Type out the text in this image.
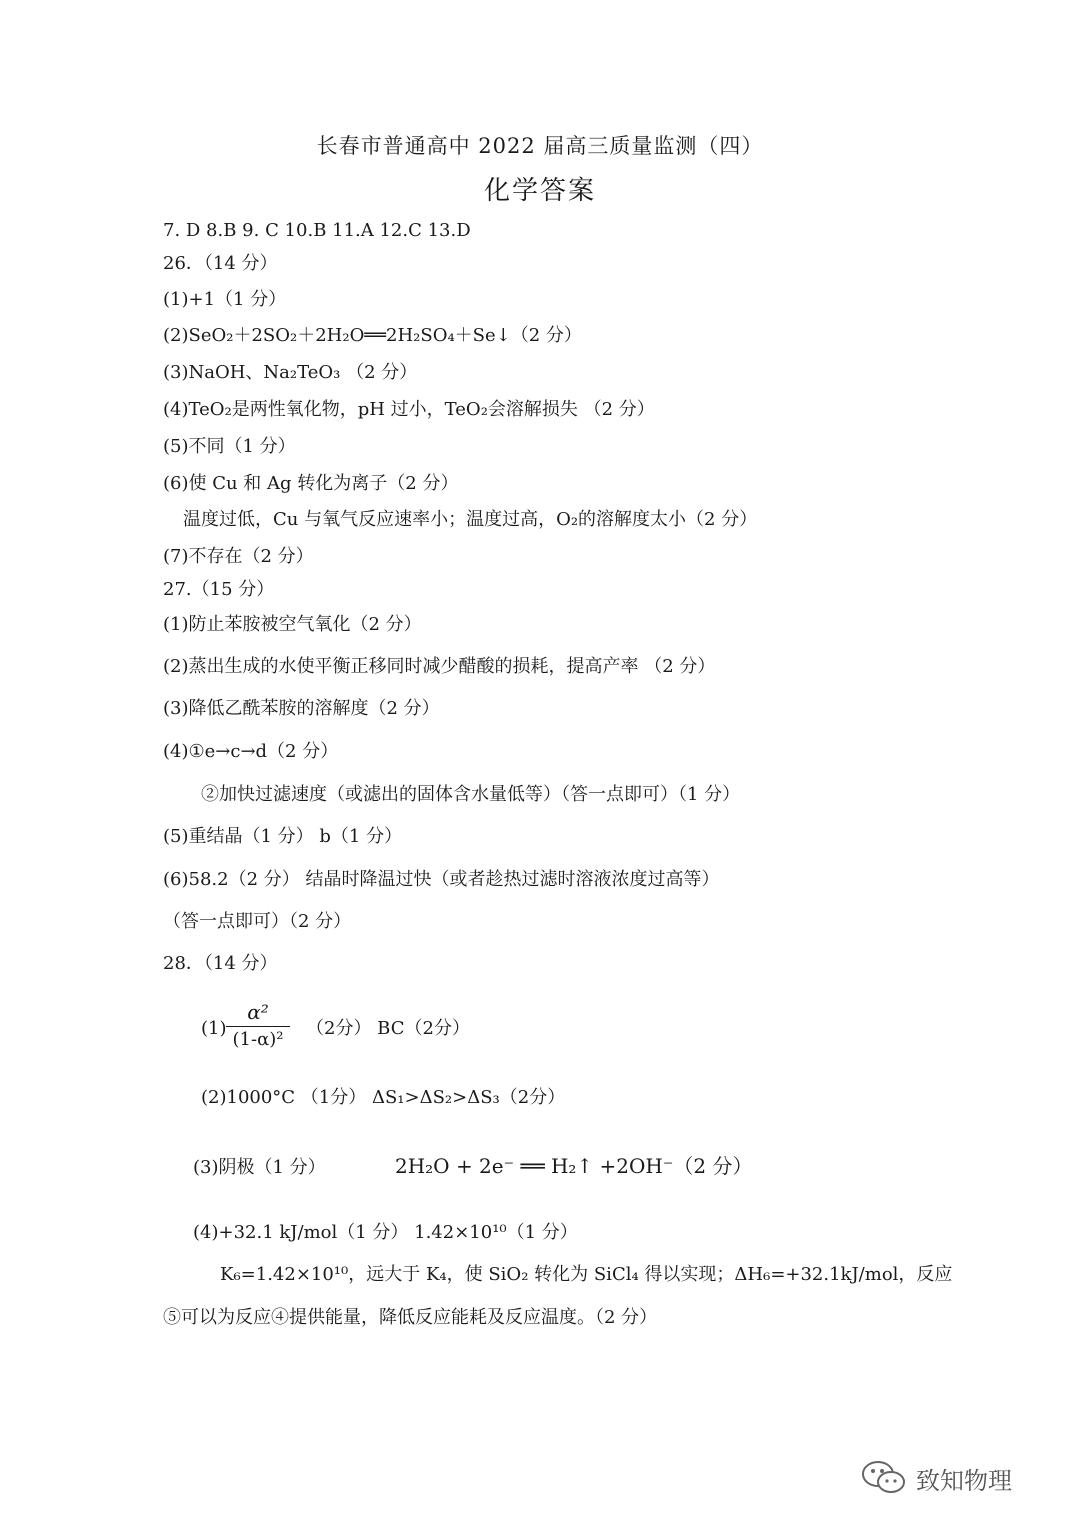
长春市普通高中 2022 届高三质量监测（四）
化学答案
7. D 8.B 9. C 10.B 11.A 12.C 13.D
26．（14 分）
(1)+1（1 分）
(2)SeO₂＋2SO₂＋2H₂O══2H₂SO₄＋Se↓（2 分）
(3)NaOH、Na₂TeO₃ （2 分）
(4)TeO₂是两性氧化物，pH 过小，TeO₂会溶解损失 （2 分）
(5)不同（1 分）
(6)使 Cu 和 Ag 转化为离子（2 分）
温度过低，Cu 与氧气反应速率小；温度过高，O₂的溶解度太小（2 分）
(7)不存在（2 分）
27.（15 分）
(1)防止苯胺被空气氧化（2 分）
(2)蒸出生成的水使平衡正移同时减少醋酸的损耗，提高产率 （2 分）
(3)降低乙酰苯胺的溶解度（2 分）
(4)①e→c→d（2 分）
②加快过滤速度（或滤出的固体含水量低等）（答一点即可）（1 分）
(5)重结晶（1 分） b（1 分）
(6)58.2（2 分） 结晶时降温过快（或者趁热过滤时溶液浓度过高等）
（答一点即可）（2 分）
28．（14 分）
(1)
α²
(1-α)²
（2分） BC（2分）
(2)1000°C （1分） ΔS₁>ΔS₂>ΔS₃（2分）
(3)阴极（1 分）	2H₂O + 2e⁻ ══ H₂↑ +2OH⁻（2 分）
(4)+32.1 kJ/mol（1 分） 1.42×10¹⁰（1 分）
K₆=1.42×10¹⁰，远大于 K₄，使 SiO₂ 转化为 SiCl₄ 得以实现；ΔH₆=+32.1kJ/mol，反应
⑤可以为反应④提供能量，降低反应能耗及反应温度。（2 分）
致知物理
